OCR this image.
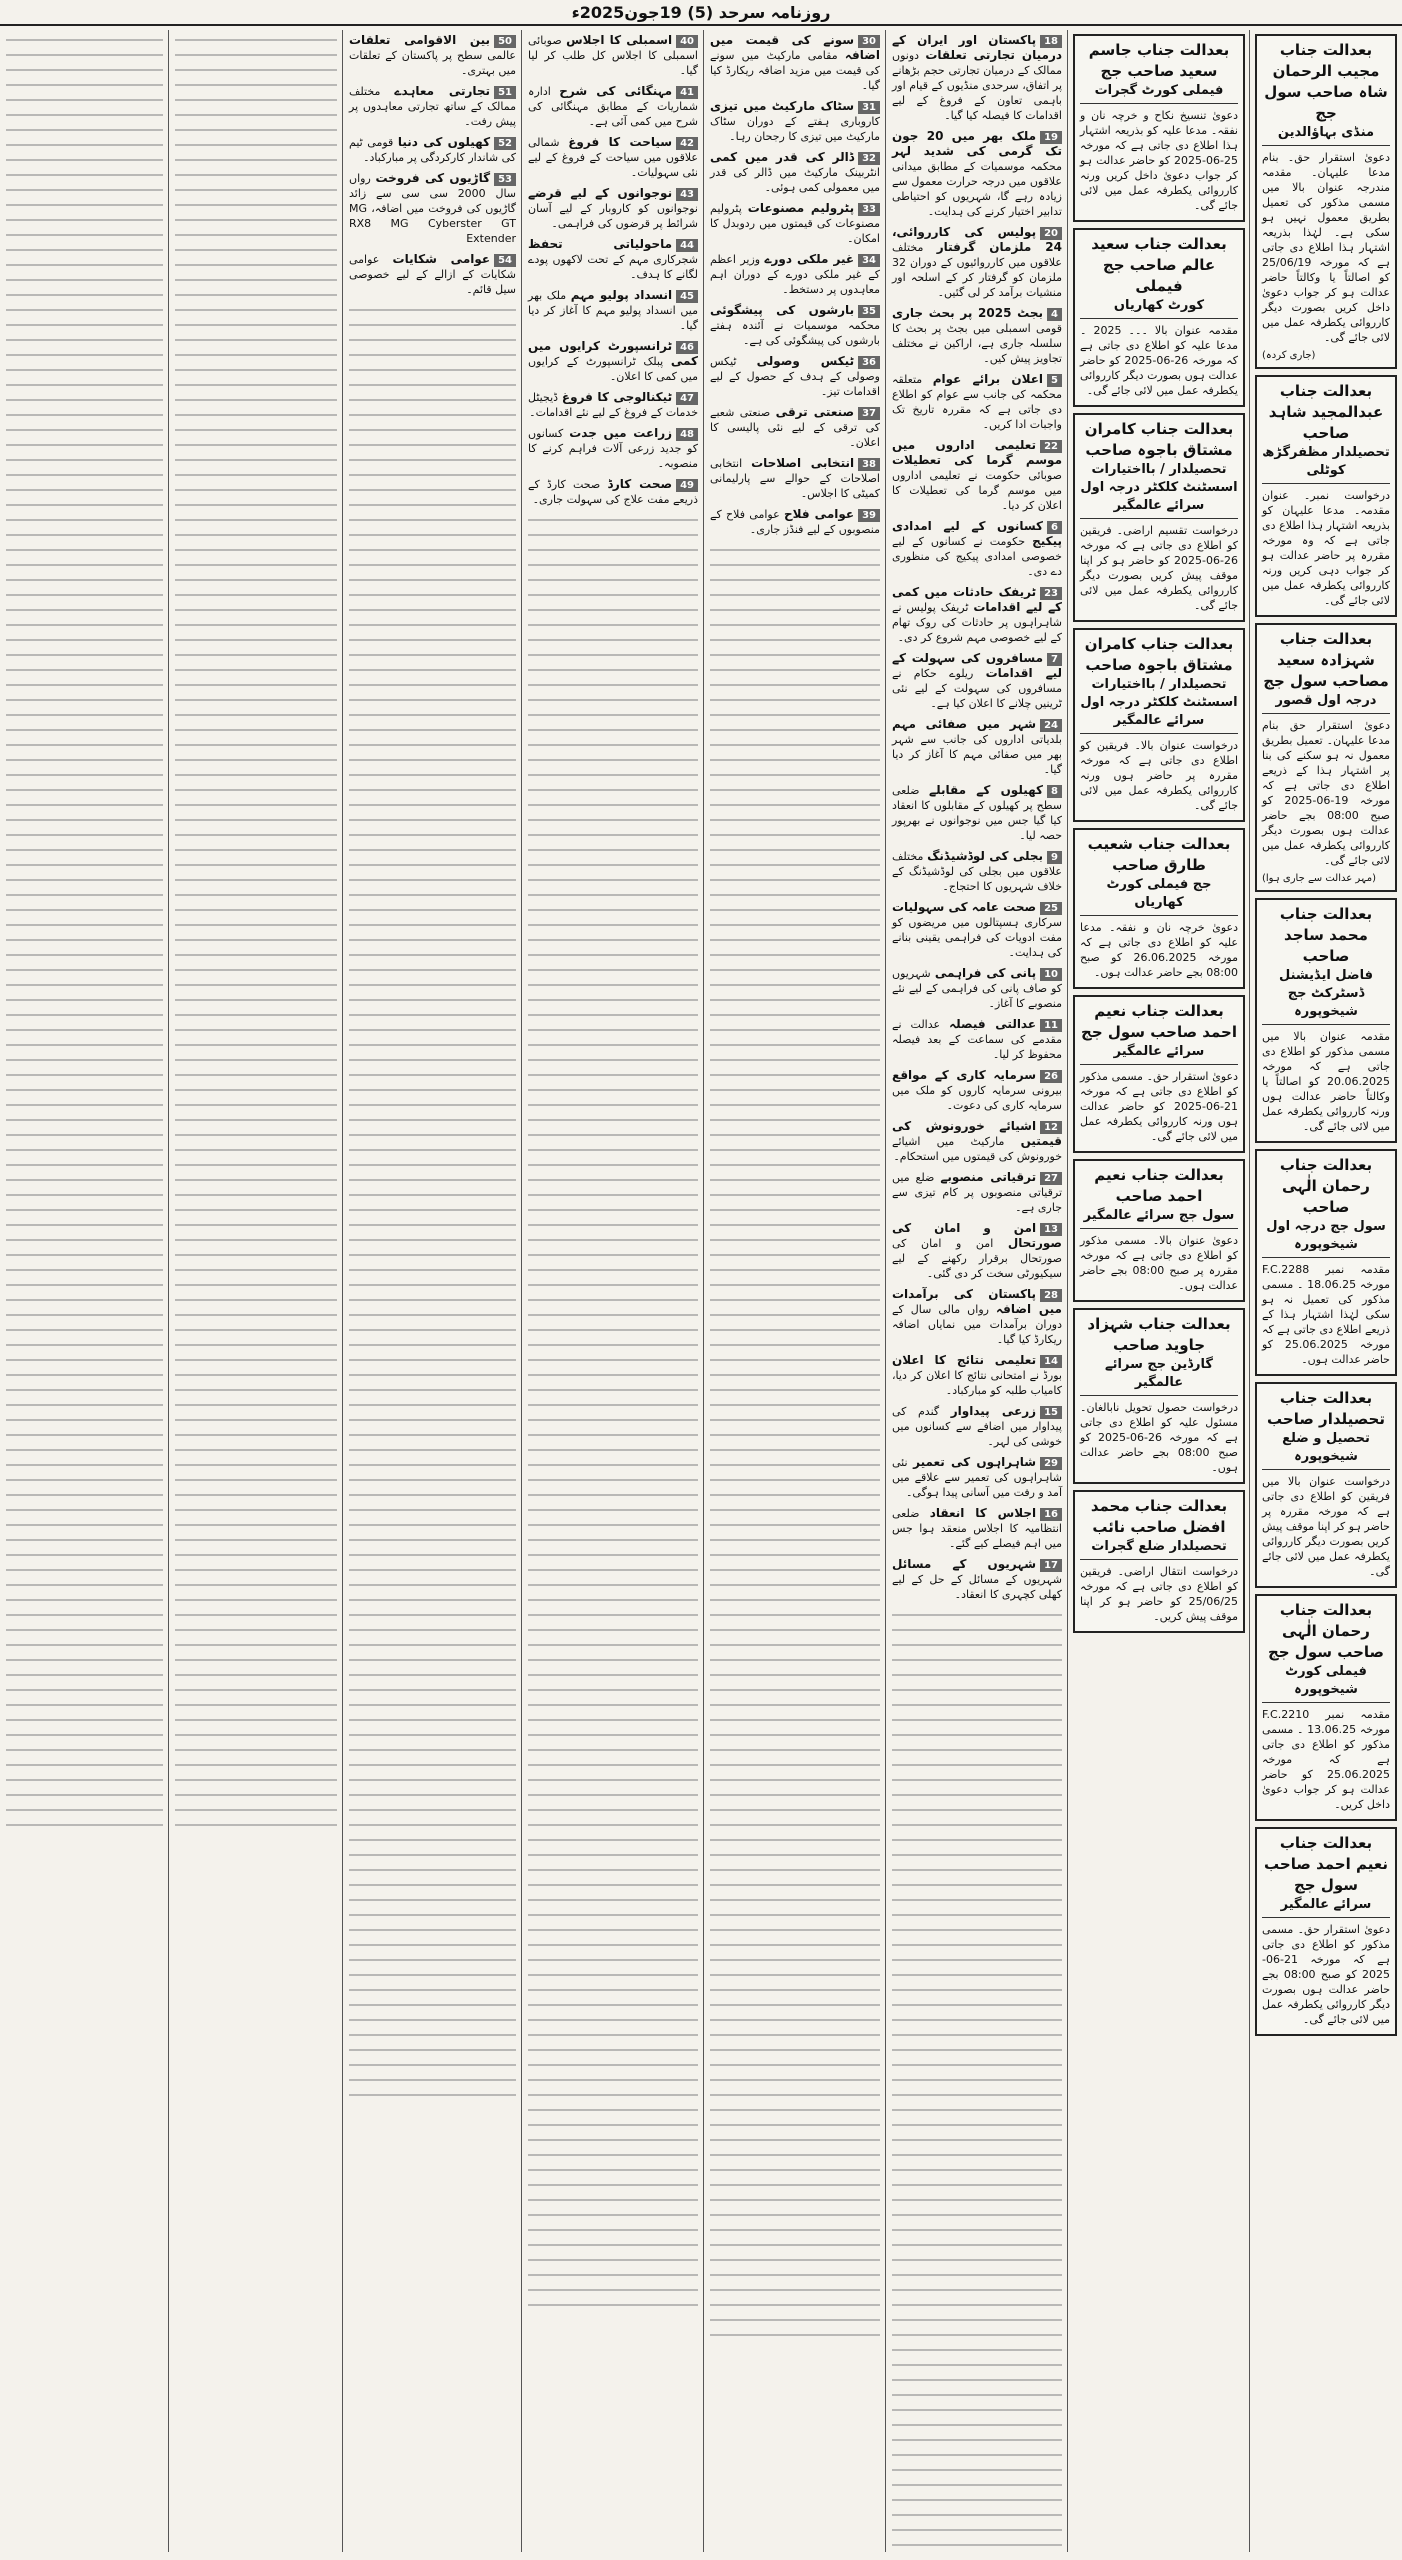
روزنامہ سرحد (5) 19جون2025ء
بعدالت جناب مجیب الرحمان شاہ صاحب سول جج
منڈی بہاؤالدین
دعویٰ استقرار حق۔ بنام مدعا علیہان۔ مقدمہ مندرجہ عنوان بالا میں مسمی مذکور کی تعمیل بطریق معمول نہیں ہو سکی ہے۔ لہٰذا بذریعہ اشتہار ہذا اطلاع دی جاتی ہے کہ مورخہ 25/06/19 کو اصالتاً یا وکالتاً حاضر عدالت ہو کر جواب دعویٰ داخل کریں بصورت دیگر کارروائی یکطرفہ عمل میں لائی جائے گی۔
(جاری کردہ)
بعدالت جناب عبدالمجید شاہد صاحب
تحصیلدار مظفرگڑھ کوٹلی
درخواست نمبر۔ عنوان مقدمہ۔ مدعا علیہان کو بذریعہ اشتہار ہذا اطلاع دی جاتی ہے کہ وہ مورخہ مقررہ پر حاضر عدالت ہو کر جواب دہی کریں ورنہ کارروائی یکطرفہ عمل میں لائی جائے گی۔
بعدالت جناب شہزادہ سعید مصاحب سول جج
درجہ اول قصور
دعویٰ استقرار حق بنام مدعا علیہان۔ تعمیل بطریق معمول نہ ہو سکنے کی بنا پر اشتہار ہذا کے ذریعے اطلاع دی جاتی ہے کہ مورخہ 19-06-2025 کو صبح 08:00 بجے حاضر عدالت ہوں بصورت دیگر کارروائی یکطرفہ عمل میں لائی جائے گی۔
(مہر عدالت سے جاری ہوا)
بعدالت جناب محمد ساجد صاحب
فاضل ایڈیشنل ڈسٹرکٹ جج شیخوپورہ
مقدمہ عنوان بالا میں مسمی مذکور کو اطلاع دی جاتی ہے کہ مورخہ 20.06.2025 کو اصالتاً یا وکالتاً حاضر عدالت ہوں ورنہ کارروائی یکطرفہ عمل میں لائی جائے گی۔
بعدالت جناب رحمان الٰہی صاحب
سول جج درجہ اول شیخوپورہ
مقدمہ نمبر F.C.2288 مورخہ 18.06.25 ۔ مسمی مذکور کی تعمیل نہ ہو سکی لہٰذا اشتہار ہذا کے ذریعے اطلاع دی جاتی ہے کہ مورخہ 25.06.2025 کو حاضر عدالت ہوں۔
بعدالت جناب تحصیلدار صاحب
تحصیل و ضلع شیخوپورہ
درخواست عنوان بالا میں فریقین کو اطلاع دی جاتی ہے کہ مورخہ مقررہ پر حاضر ہو کر اپنا موقف پیش کریں بصورت دیگر کارروائی یکطرفہ عمل میں لائی جائے گی۔
بعدالت جناب رحمان الٰہی صاحب سول جج
فیملی کورٹ شیخوپورہ
مقدمہ نمبر F.C.2210 مورخہ 13.06.25 ۔ مسمی مذکور کو اطلاع دی جاتی ہے کہ مورخہ 25.06.2025 کو حاضر عدالت ہو کر جواب دعویٰ داخل کریں۔
بعدالت جناب نعیم احمد صاحب سول جج
سرائے عالمگیر
دعویٰ استقرار حق۔ مسمی مذکور کو اطلاع دی جاتی ہے کہ مورخہ 21-06-2025 کو صبح 08:00 بجے حاضر عدالت ہوں بصورت دیگر کارروائی یکطرفہ عمل میں لائی جائے گی۔
بعدالت جناب جاسم سعید صاحب جج
فیملی کورٹ گجرات
دعویٰ تنسیخ نکاح و خرچہ نان و نفقہ۔ مدعا علیہ کو بذریعہ اشتہار ہذا اطلاع دی جاتی ہے کہ مورخہ 25-06-2025 کو حاضر عدالت ہو کر جواب دعویٰ داخل کریں ورنہ کارروائی یکطرفہ عمل میں لائی جائے گی۔
بعدالت جناب سعید عالم صاحب جج فیملی
کورٹ کھاریاں
مقدمہ عنوان بالا ۔۔۔ 2025 ۔ مدعا علیہ کو اطلاع دی جاتی ہے کہ مورخہ 26-06-2025 کو حاضر عدالت ہوں بصورت دیگر کارروائی یکطرفہ عمل میں لائی جائے گی۔
بعدالت جناب کامران مشتاق باجوہ صاحب
تحصیلدار / بااختیارات اسسٹنٹ کلکٹر درجہ اول سرائے عالمگیر
درخواست تقسیم اراضی۔ فریقین کو اطلاع دی جاتی ہے کہ مورخہ 26-06-2025 کو حاضر ہو کر اپنا موقف پیش کریں بصورت دیگر کارروائی یکطرفہ عمل میں لائی جائے گی۔
بعدالت جناب کامران مشتاق باجوہ صاحب
تحصیلدار / بااختیارات اسسٹنٹ کلکٹر درجہ اول سرائے عالمگیر
درخواست عنوان بالا۔ فریقین کو اطلاع دی جاتی ہے کہ مورخہ مقررہ پر حاضر ہوں ورنہ کارروائی یکطرفہ عمل میں لائی جائے گی۔
بعدالت جناب شعیب طارق صاحب
جج فیملی کورٹ کھاریاں
دعویٰ خرچہ نان و نفقہ۔ مدعا علیہ کو اطلاع دی جاتی ہے کہ مورخہ 26.06.2025 کو صبح 08:00 بجے حاضر عدالت ہوں۔
بعدالت جناب نعیم احمد صاحب سول جج
سرائے عالمگیر
دعویٰ استقرار حق۔ مسمی مذکور کو اطلاع دی جاتی ہے کہ مورخہ 21-06-2025 کو حاضر عدالت ہوں ورنہ کارروائی یکطرفہ عمل میں لائی جائے گی۔
بعدالت جناب نعیم احمد صاحب
سول جج سرائے عالمگیر
دعویٰ عنوان بالا۔ مسمی مذکور کو اطلاع دی جاتی ہے کہ مورخہ مقررہ پر صبح 08:00 بجے حاضر عدالت ہوں۔
بعدالت جناب شہزاد جاوید صاحب
گارڈین جج سرائے عالمگیر
درخواست حصول تحویل نابالغان۔ مسئول علیہ کو اطلاع دی جاتی ہے کہ مورخہ 26-06-2025 کو صبح 08:00 بجے حاضر عدالت ہوں۔
بعدالت جناب محمد افضل صاحب نائب
تحصیلدار ضلع گجرات
درخواست انتقال اراضی۔ فریقین کو اطلاع دی جاتی ہے کہ مورخہ 25/06/25 کو حاضر ہو کر اپنا موقف پیش کریں۔
18پاکستان اور ایران کے درمیان تجارتی تعلقات دونوں ممالک کے درمیان تجارتی حجم بڑھانے پر اتفاق، سرحدی منڈیوں کے قیام اور باہمی تعاون کے فروغ کے لیے اقدامات کا فیصلہ کیا گیا۔
19ملک بھر میں 20 جون تک گرمی کی شدید لہر محکمہ موسمیات کے مطابق میدانی علاقوں میں درجہ حرارت معمول سے زیادہ رہے گا، شہریوں کو احتیاطی تدابیر اختیار کرنے کی ہدایت۔
20پولیس کی کارروائی، 24 ملزمان گرفتار مختلف علاقوں میں کارروائیوں کے دوران 32 ملزمان کو گرفتار کر کے اسلحہ اور منشیات برآمد کر لی گئیں۔
4بجٹ 2025 پر بحث جاری قومی اسمبلی میں بجٹ پر بحث کا سلسلہ جاری ہے، اراکین نے مختلف تجاویز پیش کیں۔
5اعلان برائے عوام متعلقہ محکمہ کی جانب سے عوام کو اطلاع دی جاتی ہے کہ مقررہ تاریخ تک واجبات ادا کریں۔
22تعلیمی اداروں میں موسم گرما کی تعطیلات صوبائی حکومت نے تعلیمی اداروں میں موسم گرما کی تعطیلات کا اعلان کر دیا۔
6کسانوں کے لیے امدادی پیکیج حکومت نے کسانوں کے لیے خصوصی امدادی پیکیج کی منظوری دے دی۔
23ٹریفک حادثات میں کمی کے لیے اقدامات ٹریفک پولیس نے شاہراہوں پر حادثات کی روک تھام کے لیے خصوصی مہم شروع کر دی۔
7مسافروں کی سہولت کے لیے اقدامات ریلوے حکام نے مسافروں کی سہولت کے لیے نئی ٹرینیں چلانے کا اعلان کیا ہے۔
24شہر میں صفائی مہم بلدیاتی اداروں کی جانب سے شہر بھر میں صفائی مہم کا آغاز کر دیا گیا۔
8کھیلوں کے مقابلے ضلعی سطح پر کھیلوں کے مقابلوں کا انعقاد کیا گیا جس میں نوجوانوں نے بھرپور حصہ لیا۔
9بجلی کی لوڈشیڈنگ مختلف علاقوں میں بجلی کی لوڈشیڈنگ کے خلاف شہریوں کا احتجاج۔
25صحت عامہ کی سہولیات سرکاری ہسپتالوں میں مریضوں کو مفت ادویات کی فراہمی یقینی بنانے کی ہدایت۔
10پانی کی فراہمی شہریوں کو صاف پانی کی فراہمی کے لیے نئے منصوبے کا آغاز۔
11عدالتی فیصلہ عدالت نے مقدمے کی سماعت کے بعد فیصلہ محفوظ کر لیا۔
26سرمایہ کاری کے مواقع بیرونی سرمایہ کاروں کو ملک میں سرمایہ کاری کی دعوت۔
12اشیائے خورونوش کی قیمتیں مارکیٹ میں اشیائے خورونوش کی قیمتوں میں استحکام۔
27ترقیاتی منصوبے ضلع میں ترقیاتی منصوبوں پر کام تیزی سے جاری ہے۔
13امن و امان کی صورتحال امن و امان کی صورتحال برقرار رکھنے کے لیے سیکیورٹی سخت کر دی گئی۔
28پاکستان کی برآمدات میں اضافہ رواں مالی سال کے دوران برآمدات میں نمایاں اضافہ ریکارڈ کیا گیا۔
14تعلیمی نتائج کا اعلان بورڈ نے امتحانی نتائج کا اعلان کر دیا، کامیاب طلبہ کو مبارکباد۔
15زرعی پیداوار گندم کی پیداوار میں اضافے سے کسانوں میں خوشی کی لہر۔
29شاہراہوں کی تعمیر نئی شاہراہوں کی تعمیر سے علاقے میں آمد و رفت میں آسانی پیدا ہوگی۔
16اجلاس کا انعقاد ضلعی انتظامیہ کا اجلاس منعقد ہوا جس میں اہم فیصلے کیے گئے۔
17شہریوں کے مسائل شہریوں کے مسائل کے حل کے لیے کھلی کچہری کا انعقاد۔
30سونے کی قیمت میں اضافہ مقامی مارکیٹ میں سونے کی قیمت میں مزید اضافہ ریکارڈ کیا گیا۔
31سٹاک مارکیٹ میں تیزی کاروباری ہفتے کے دوران سٹاک مارکیٹ میں تیزی کا رجحان رہا۔
32ڈالر کی قدر میں کمی انٹربینک مارکیٹ میں ڈالر کی قدر میں معمولی کمی ہوئی۔
33پٹرولیم مصنوعات پٹرولیم مصنوعات کی قیمتوں میں ردوبدل کا امکان۔
34غیر ملکی دورے وزیر اعظم کے غیر ملکی دورے کے دوران اہم معاہدوں پر دستخط۔
35بارشوں کی پیشگوئی محکمہ موسمیات نے آئندہ ہفتے بارشوں کی پیشگوئی کی ہے۔
36ٹیکس وصولی ٹیکس وصولی کے ہدف کے حصول کے لیے اقدامات تیز۔
37صنعتی ترقی صنعتی شعبے کی ترقی کے لیے نئی پالیسی کا اعلان۔
38انتخابی اصلاحات انتخابی اصلاحات کے حوالے سے پارلیمانی کمیٹی کا اجلاس۔
39عوامی فلاح عوامی فلاح کے منصوبوں کے لیے فنڈز جاری۔
40اسمبلی کا اجلاس صوبائی اسمبلی کا اجلاس کل طلب کر لیا گیا۔
41مہنگائی کی شرح ادارہ شماریات کے مطابق مہنگائی کی شرح میں کمی آئی ہے۔
42سیاحت کا فروغ شمالی علاقوں میں سیاحت کے فروغ کے لیے نئی سہولیات۔
43نوجوانوں کے لیے قرضے نوجوانوں کو کاروبار کے لیے آسان شرائط پر قرضوں کی فراہمی۔
44ماحولیاتی تحفظ شجرکاری مہم کے تحت لاکھوں پودے لگانے کا ہدف۔
45انسداد پولیو مہم ملک بھر میں انسداد پولیو مہم کا آغاز کر دیا گیا۔
46ٹرانسپورٹ کرایوں میں کمی پبلک ٹرانسپورٹ کے کرایوں میں کمی کا اعلان۔
47ٹیکنالوجی کا فروغ ڈیجیٹل خدمات کے فروغ کے لیے نئے اقدامات۔
48زراعت میں جدت کسانوں کو جدید زرعی آلات فراہم کرنے کا منصوبہ۔
49صحت کارڈ صحت کارڈ کے ذریعے مفت علاج کی سہولت جاری۔
50بین الاقوامی تعلقات عالمی سطح پر پاکستان کے تعلقات میں بہتری۔
51تجارتی معاہدے مختلف ممالک کے ساتھ تجارتی معاہدوں پر پیش رفت۔
52کھیلوں کی دنیا قومی ٹیم کی شاندار کارکردگی پر مبارکباد۔
53گاڑیوں کی فروخت رواں سال 2000 سی سی سے زائد گاڑیوں کی فروخت میں اضافہ، MG RX8 MG Cyberster GT Extender
54عوامی شکایات عوامی شکایات کے ازالے کے لیے خصوصی سیل قائم۔
